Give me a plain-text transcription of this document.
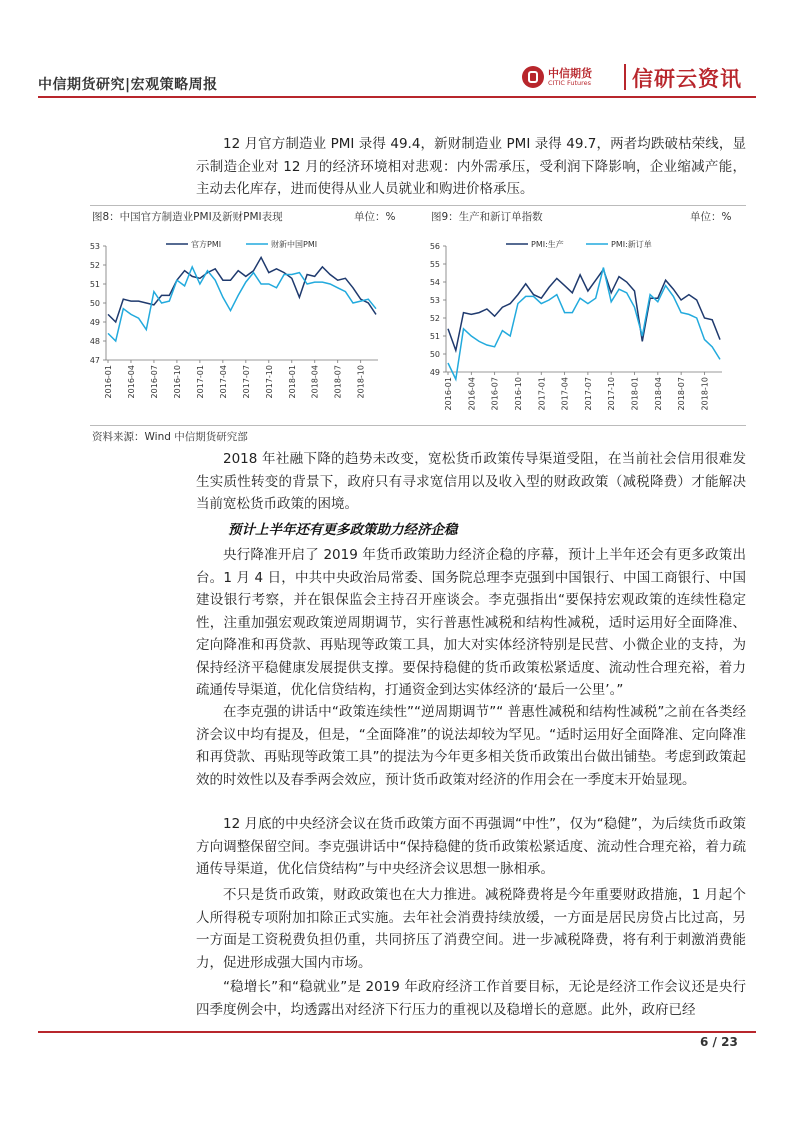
中信期货研究|宏观策略周报
中信期货
CITIC Futures 信研云资讯
12 月官方制造业 PMI 录得 49.4，新财制造业 PMI 录得 49.7，两者均跌破枯荣线，显示制造企业对 12 月的经济环境相对悲观：内外需承压，受利润下降影响，企业缩减产能，主动去化库存，进而使得从业人员就业和购进价格承压。
图8：中国官方制造业PMI及新财PMI表现	单位：%	图9：生产和新订单指数	单位：%
47
48
49
50
51
52
53
2016-01 2016-04 2016-07 2016-10 2017-01 2017-04 2017-07 2017-10 2018-01 2018-04 2018-07 2018-10
官方PMI	财新中国PMI
49
50
51
52
53
54
55
56
2016-01 2016-04 2016-07 2016-10 2017-01 2017-04 2017-07 2017-10 2018-01 2018-04 2018-07 2018-10
PMI:生产	PMI:新订单
资料来源：Wind 中信期货研究部
2018 年社融下降的趋势未改变，宽松货币政策传导渠道受阻，在当前社会信用很难发生实质性转变的背景下，政府只有寻求宽信用以及收入型的财政政策（减税降费）才能解决当前宽松货币政策的困境。
预计上半年还有更多政策助力经济企稳
央行降准开启了 2019 年货币政策助力经济企稳的序幕，预计上半年还会有更多政策出台。1 月 4 日，中共中央政治局常委、国务院总理李克强到中国银行、中国工商银行、中国建设银行考察，并在银保监会主持召开座谈会。李克强指出“要保持宏观政策的连续性稳定性，注重加强宏观政策逆周期调节，实行普惠性减税和结构性减税，适时运用好全面降准、定向降准和再贷款、再贴现等政策工具，加大对实体经济特别是民营、小微企业的支持，为保持经济平稳健康发展提供支撑。要保持稳健的货币政策松紧适度、流动性合理充裕，着力疏通传导渠道，优化信贷结构，打通资金到达实体经济的‘最后一公里’。”
在李克强的讲话中“政策连续性”“逆周期调节”“ 普惠性减税和结构性减税”之前在各类经济会议中均有提及，但是，“全面降准”的说法却较为罕见。“适时运用好全面降准、定向降准和再贷款、再贴现等政策工具”的提法为今年更多相关货币政策出台做出铺垫。考虑到政策起效的时效性以及春季两会效应，预计货币政策对经济的作用会在一季度末开始显现。
12 月底的中央经济会议在货币政策方面不再强调“中性”，仅为“稳健”，为后续货币政策方向调整保留空间。李克强讲话中“保持稳健的货币政策松紧适度、流动性合理充裕，着力疏通传导渠道，优化信贷结构”与中央经济会议思想一脉相承。
不只是货币政策，财政政策也在大力推进。减税降费将是今年重要财政措施，1 月起个人所得税专项附加扣除正式实施。去年社会消费持续放缓，一方面是居民房贷占比过高，另一方面是工资税费负担仍重，共同挤压了消费空间。进一步减税降费，将有利于刺激消费能力，促进形成强大国内市场。
“稳增长”和“稳就业”是 2019 年政府经济工作首要目标，无论是经济工作会议还是央行四季度例会中，均透露出对经济下行压力的重视以及稳增长的意愿。此外，政府已经
6 / 23
